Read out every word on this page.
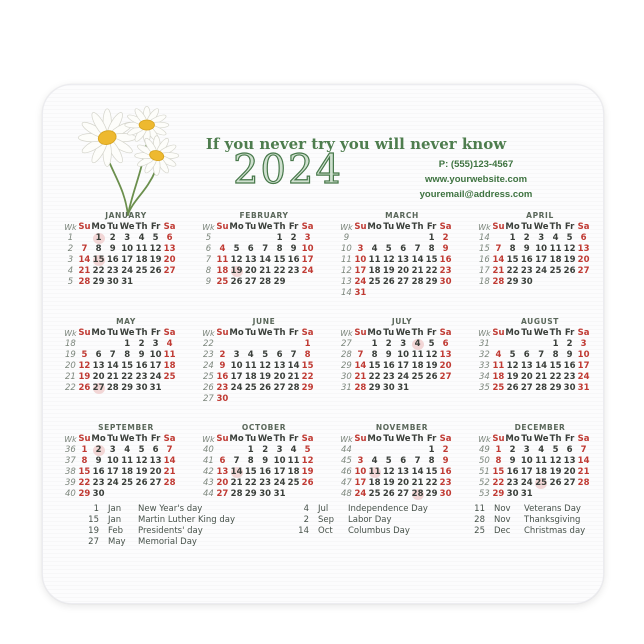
If you never try you will never know
2024	P: (555)123-4567
www.yourwebsite.com
youremail@address.com
JANUARY
Wk	Su	Mo	Tu	We	Th	Fr	Sa
1		1	2	3	4	5	6
2	7	8	9	10	11	12	13
3	14	15	16	17	18	19	20
4	21	22	23	24	25	26	27
5	28	29	30	31			
FEBRUARY
Wk	Su	Mo	Tu	We	Th	Fr	Sa
5					1	2	3
6	4	5	6	7	8	9	10
7	11	12	13	14	15	16	17
8	18	19	20	21	22	23	24
9	25	26	27	28	29		
MARCH
Wk	Su	Mo	Tu	We	Th	Fr	Sa
9						1	2
10	3	4	5	6	7	8	9
11	10	11	12	13	14	15	16
12	17	18	19	20	21	22	23
13	24	25	26	27	28	29	30
14	31						
APRIL
Wk	Su	Mo	Tu	We	Th	Fr	Sa
14		1	2	3	4	5	6
15	7	8	9	10	11	12	13
16	14	15	16	17	18	19	20
17	21	22	23	24	25	26	27
18	28	29	30				
MAY
Wk	Su	Mo	Tu	We	Th	Fr	Sa
18				1	2	3	4
19	5	6	7	8	9	10	11
20	12	13	14	15	16	17	18
21	19	20	21	22	23	24	25
22	26	27	28	29	30	31	
JUNE
Wk	Su	Mo	Tu	We	Th	Fr	Sa
22							1
23	2	3	4	5	6	7	8
24	9	10	11	12	13	14	15
25	16	17	18	19	20	21	22
26	23	24	25	26	27	28	29
27	30						
JULY
Wk	Su	Mo	Tu	We	Th	Fr	Sa
27		1	2	3	4	5	6
28	7	8	9	10	11	12	13
29	14	15	16	17	18	19	20
30	21	22	23	24	25	26	27
31	28	29	30	31			
AUGUST
Wk	Su	Mo	Tu	We	Th	Fr	Sa
31					1	2	3
32	4	5	6	7	8	9	10
33	11	12	13	14	15	16	17
34	18	19	20	21	22	23	24
35	25	26	27	28	29	30	31
SEPTEMBER
Wk	Su	Mo	Tu	We	Th	Fr	Sa
36	1	2	3	4	5	6	7
37	8	9	10	11	12	13	14
38	15	16	17	18	19	20	21
39	22	23	24	25	26	27	28
40	29	30					
OCTOBER
Wk	Su	Mo	Tu	We	Th	Fr	Sa
40			1	2	3	4	5
41	6	7	8	9	10	11	12
42	13	14	15	16	17	18	19
43	20	21	22	23	24	25	26
44	27	28	29	30	31		
NOVEMBER
Wk	Su	Mo	Tu	We	Th	Fr	Sa
44						1	2
45	3	4	5	6	7	8	9
46	10	11	12	13	14	15	16
47	17	18	19	20	21	22	23
48	24	25	26	27	28	29	30
DECEMBER
Wk	Su	Mo	Tu	We	Th	Fr	Sa
49	1	2	3	4	5	6	7
50	8	9	10	11	12	13	14
51	15	16	17	18	19	20	21
52	22	23	24	25	26	27	28
53	29	30	31				
1 Jan	New Year's day
15 Jan	Martin Luther King day
19 Feb	Presidents' day
27 May	Memorial Day
4 Jul	Independence Day
2 Sep	Labor Day
14 Oct	Columbus Day
11 Nov	Veterans Day
28 Nov	Thanksgiving
25 Dec	Christmas day
